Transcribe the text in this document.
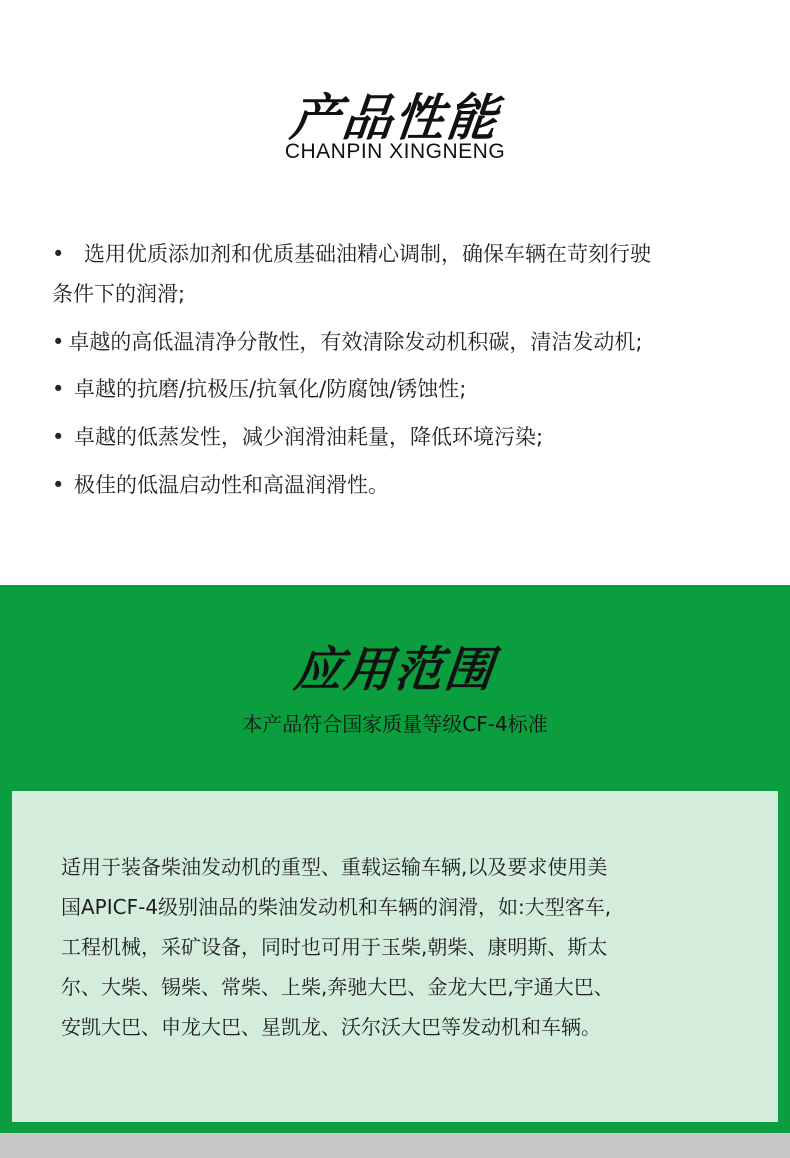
产品性能
CHANPIN XINGNENG
• 选用优质添加剂和优质基础油精心调制，确保车辆在苛刻行驶
条件下的润滑;
• 卓越的高低温清净分散性，有效清除发动机积碳，清洁发动机;
• 卓越的抗磨/抗极压/抗氧化/防腐蚀/锈蚀性;
• 卓越的低蒸发性，减少润滑油耗量，降低环境污染;
• 极佳的低温启动性和高温润滑性。
应用范围
本产品符合国家质量等级CF-4标准
适用于装备柴油发动机的重型、重载运输车辆,以及要求使用美
国APICF-4级别油品的柴油发动机和车辆的润滑，如:大型客车,
工程机械，采矿设备，同时也可用于玉柴,朝柴、康明斯、斯太
尔、大柴、锡柴、常柴、上柴,奔驰大巴、金龙大巴,宇通大巴、
安凯大巴、申龙大巴、星凯龙、沃尔沃大巴等发动机和车辆。
